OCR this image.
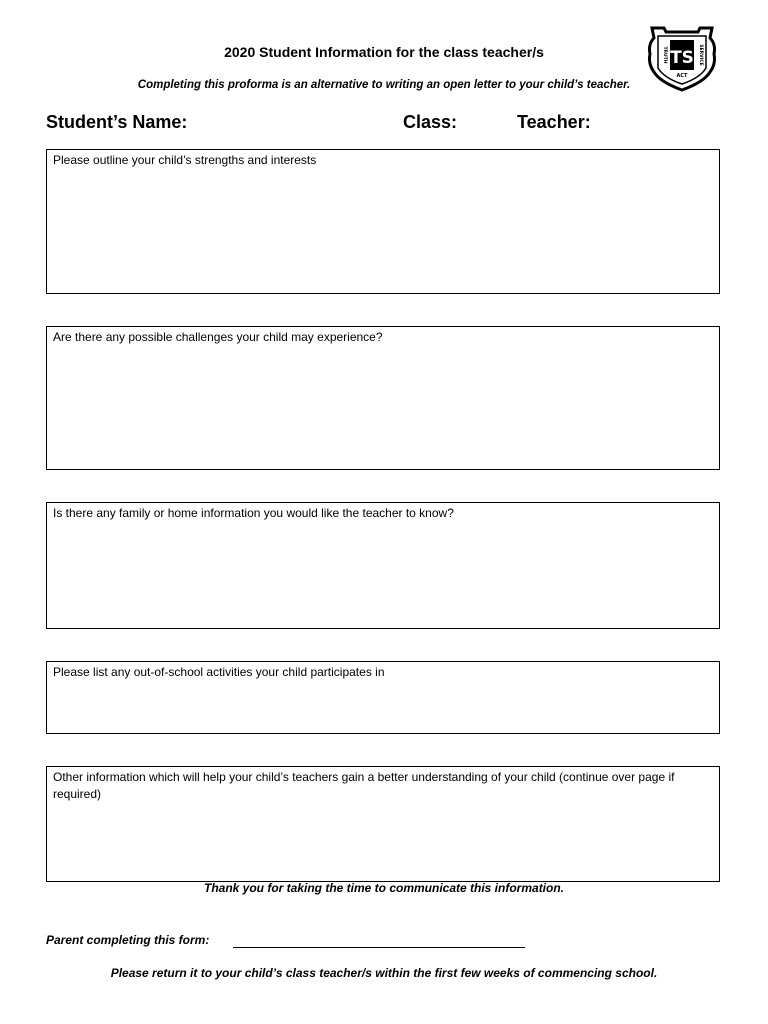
2020 Student Information for the class teacher/s	TS
TRUTH	SERVICE
ACT
Completing this proforma is an alternative to writing an open letter to your child’s teacher.
Student’s Name:	Class:	Teacher:
Please outline your child’s strengths and interests
Are there any possible challenges your child may experience?
Is there any family or home information you would like the teacher to know?
Please list any out-of-school activities your child participates in
Other information which will help your child’s teachers gain a better understanding of your child (continue over page if required)
Thank you for taking the time to communicate this information.
Parent completing this form:
Please return it to your child’s class teacher/s within the first few weeks of commencing school.
